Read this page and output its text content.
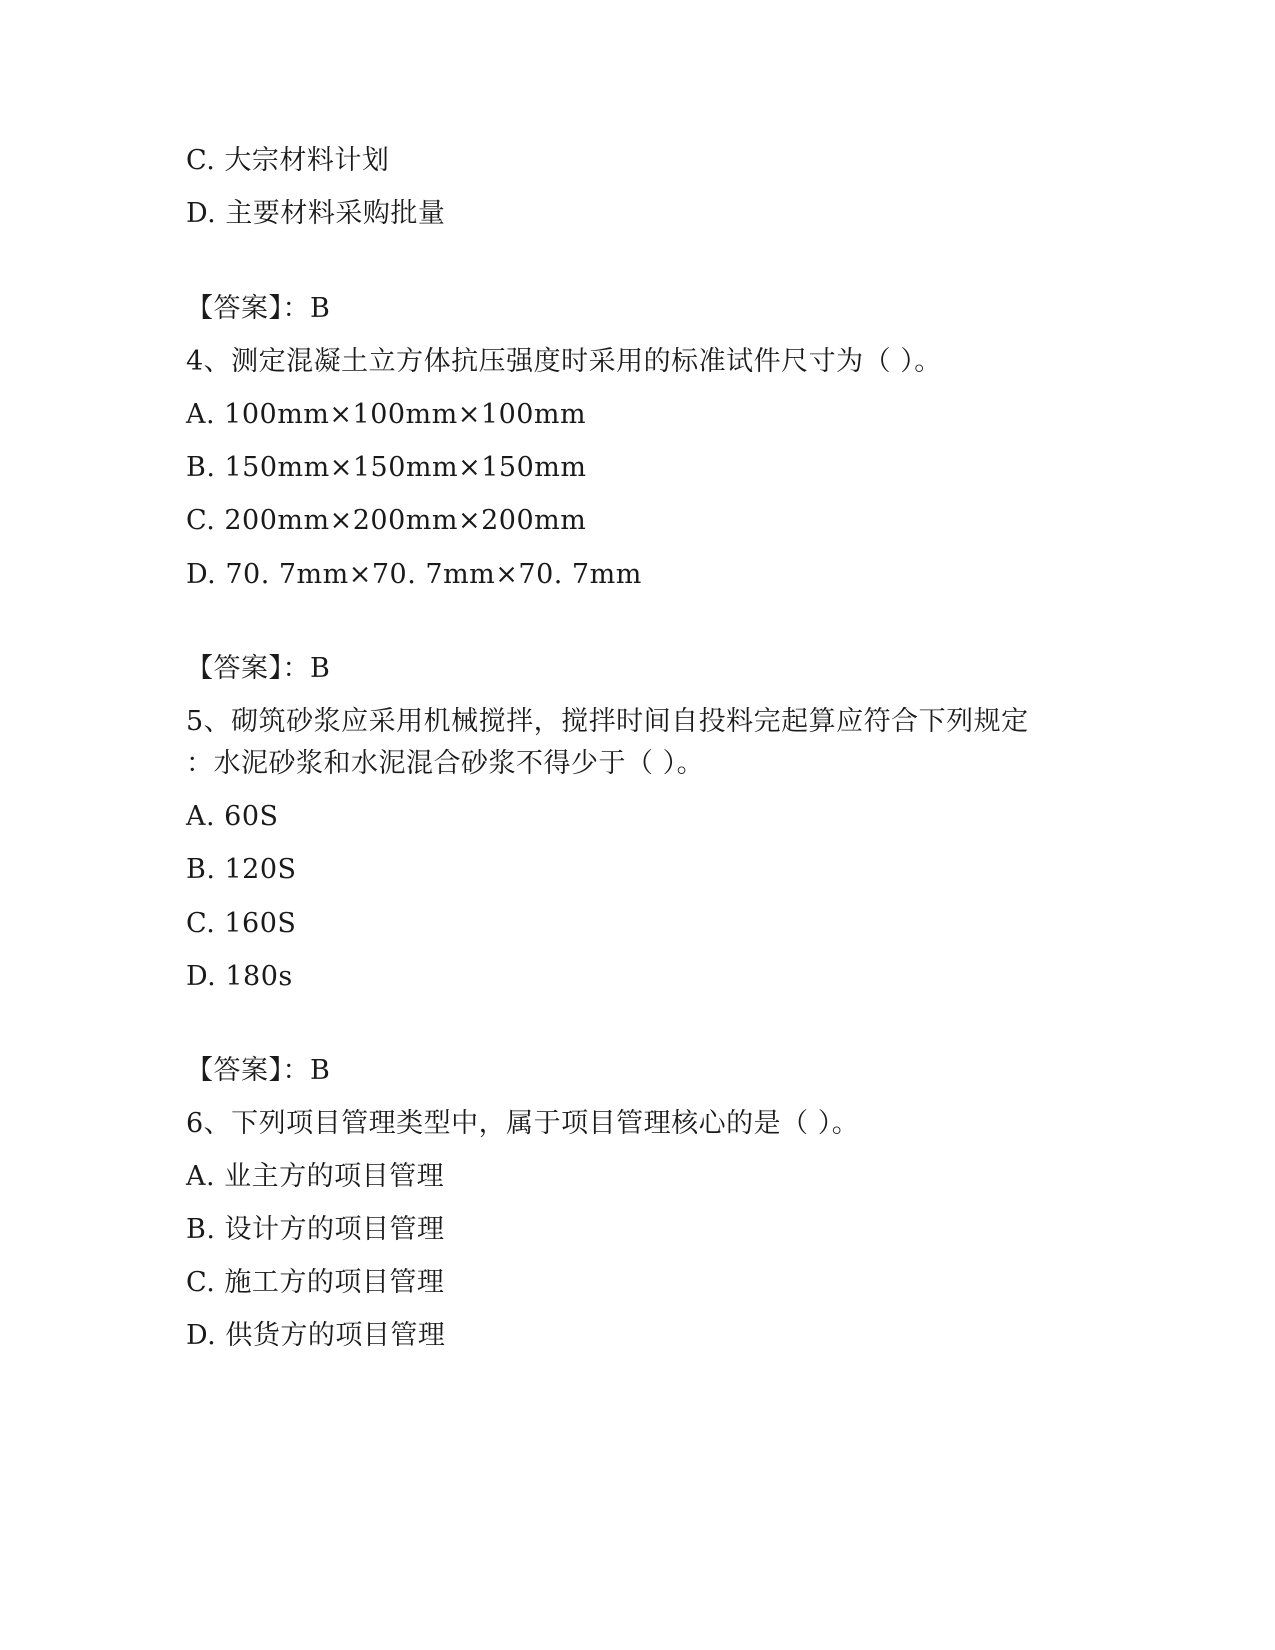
C. 大宗材料计划
D. 主要材料采购批量
【答案】：B
4、测定混凝土立方体抗压强度时采用的标准试件尺寸为（ ）。
A. 100mm×100mm×100mm
B. 150mm×150mm×150mm
C. 200mm×200mm×200mm
D. 70. 7mm×70. 7mm×70. 7mm
【答案】：B
5、砌筑砂浆应采用机械搅拌，搅拌时间自投料完起算应符合下列规定
：水泥砂浆和水泥混合砂浆不得少于（ ）。
A. 60S
B. 120S
C. 160S
D. 180s
【答案】：B
6、下列项目管理类型中，属于项目管理核心的是（ ）。
A. 业主方的项目管理
B. 设计方的项目管理
C. 施工方的项目管理
D. 供货方的项目管理
